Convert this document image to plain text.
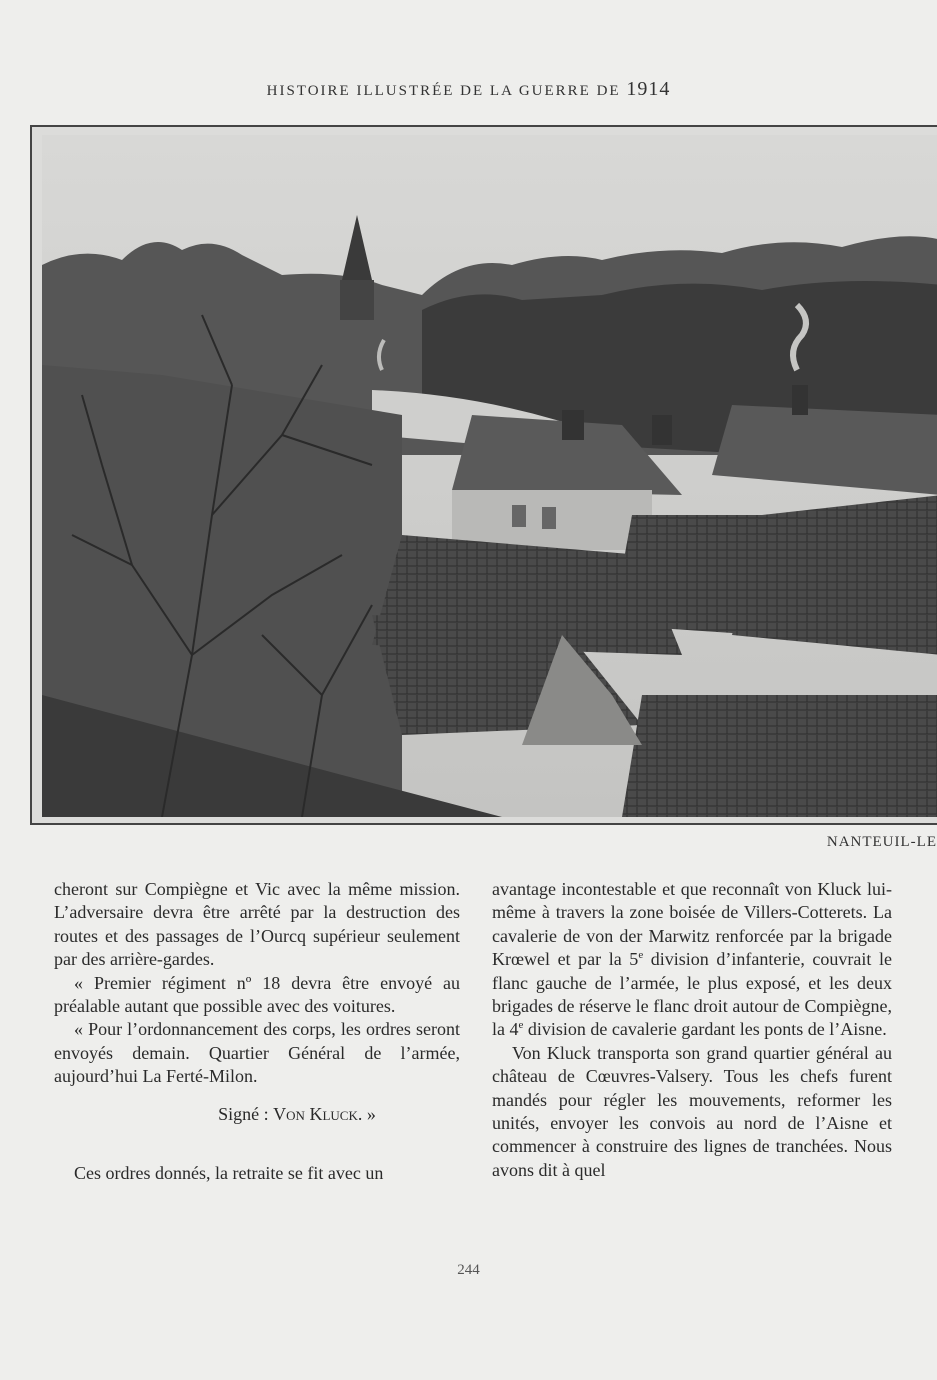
HISTOIRE ILLUSTRÉE DE LA GUERRE DE 1914
NANTEUIL-LE

cheront sur Compiègne et Vic avec la même mission. L’adversaire devra être arrêté par la destruction des routes et des passages de l’Ourcq supérieur seulement par des arrière-gardes.

« Premier régiment nº 18 devra être envoyé au préalable autant que possible avec des voitures.

« Pour l’ordonnancement des corps, les ordres seront envoyés demain. Quartier Général de l’armée, aujourd’hui La Ferté-Milon.

Signé : Von Kluck. »

Ces ordres donnés, la retraite se fit avec un

avantage incontestable et que reconnaît von Kluck lui-même à travers la zone boisée de Villers-Cotterets. La cavalerie de von der Marwitz renforcée par la brigade Krœwel et par la 5e division d’infanterie, couvrait le flanc gauche de l’armée, le plus exposé, et les deux brigades de réserve le flanc droit autour de Compiègne, la 4e division de cavalerie gardant les ponts de l’Aisne.

Von Kluck transporta son grand quartier général au château de Cœuvres-Valsery. Tous les chefs furent mandés pour régler les mouvements, reformer les unités, envoyer les convois au nord de l’Aisne et commencer à construire des lignes de tranchées. Nous avons dit à quel

244
